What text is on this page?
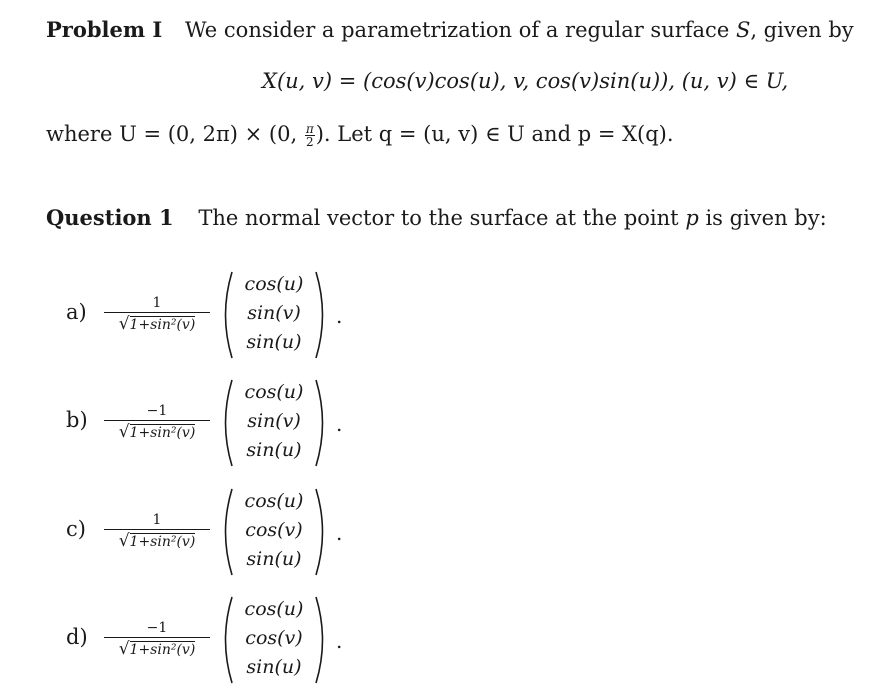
Problem I We consider a parametrization of a regular surface S, given by
X(u, v) = (cos(v)cos(u), v, cos(v)sin(u)), (u, v) ∈ U,
where U = (0, 2π) × (0, $\frac{\pi}{2}$ ). Let q = (u, v) ∈ U and p = X(q).
Question 1 The normal vector to the surface at the point p is given by:
$a) \frac{1}{\text{√1+sin²(v)}}$
cos(u)
sin(v)
sin(u)
.
$b) \frac{-1}{\text{√1+sin²(v)}}$
cos(u)
sin(v)
sin(u)
.
$c) \frac{1}{\text{√1+sin²(v)}}$
cos(u)
cos(v)
sin(u)
.
$d) \frac{-1}{\text{√1+sin²(v)}}$
cos(u)
cos(v)
sin(u)
.
